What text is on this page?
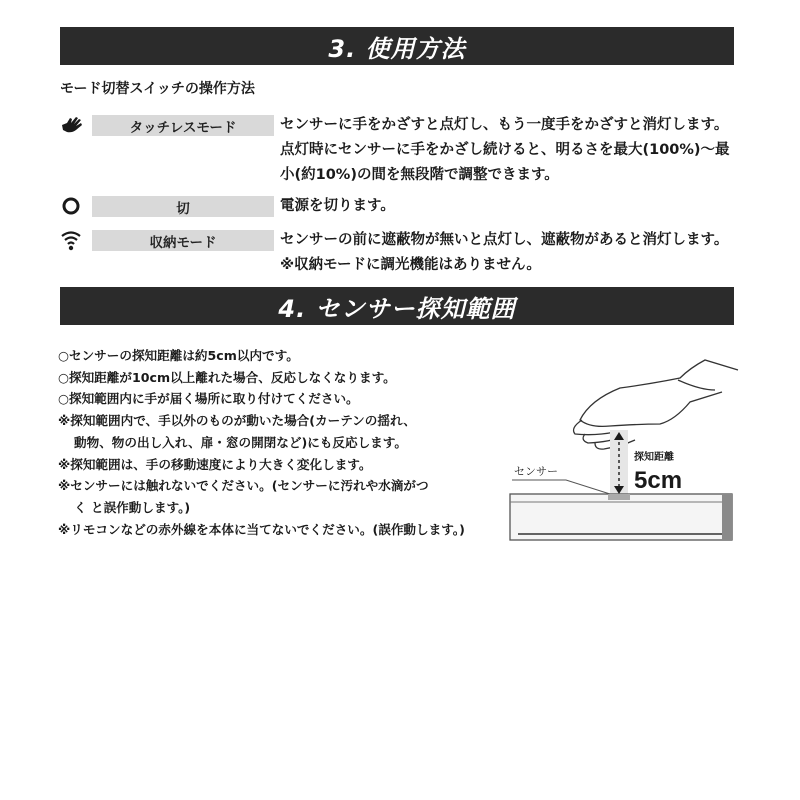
3. 使用方法
モード切替スイッチの操作方法
タッチレスモード	センサーに手をかざすと点灯し、もう一度手をかざすと消灯します。
点灯時にセンサーに手をかざし続けると、明るさを最大(100%)〜最
小(約10%)の間を無段階で調整できます。
切	電源を切ります。
収納モード	センサーの前に遮蔽物が無いと点灯し、遮蔽物があると消灯します。
※収納モードに調光機能はありません。
4. センサー探知範囲
○センサーの探知距離は約5cm以内です。
○探知距離が10cm以上離れた場合、反応しなくなります。
○探知範囲内に手が届く場所に取り付けてください。
※探知範囲内で、手以外のものが動いた場合(カーテンの揺れ、
動物、物の出し入れ、扉・窓の開閉など)にも反応します。
※探知範囲は、手の移動速度により大きく変化します。
※センサーには触れないでください。(センサーに汚れや水滴がつ
く と誤作動します。)
※リモコンなどの赤外線を本体に当てないでください。(誤作動します。)
センサー
探知距離
5cm
